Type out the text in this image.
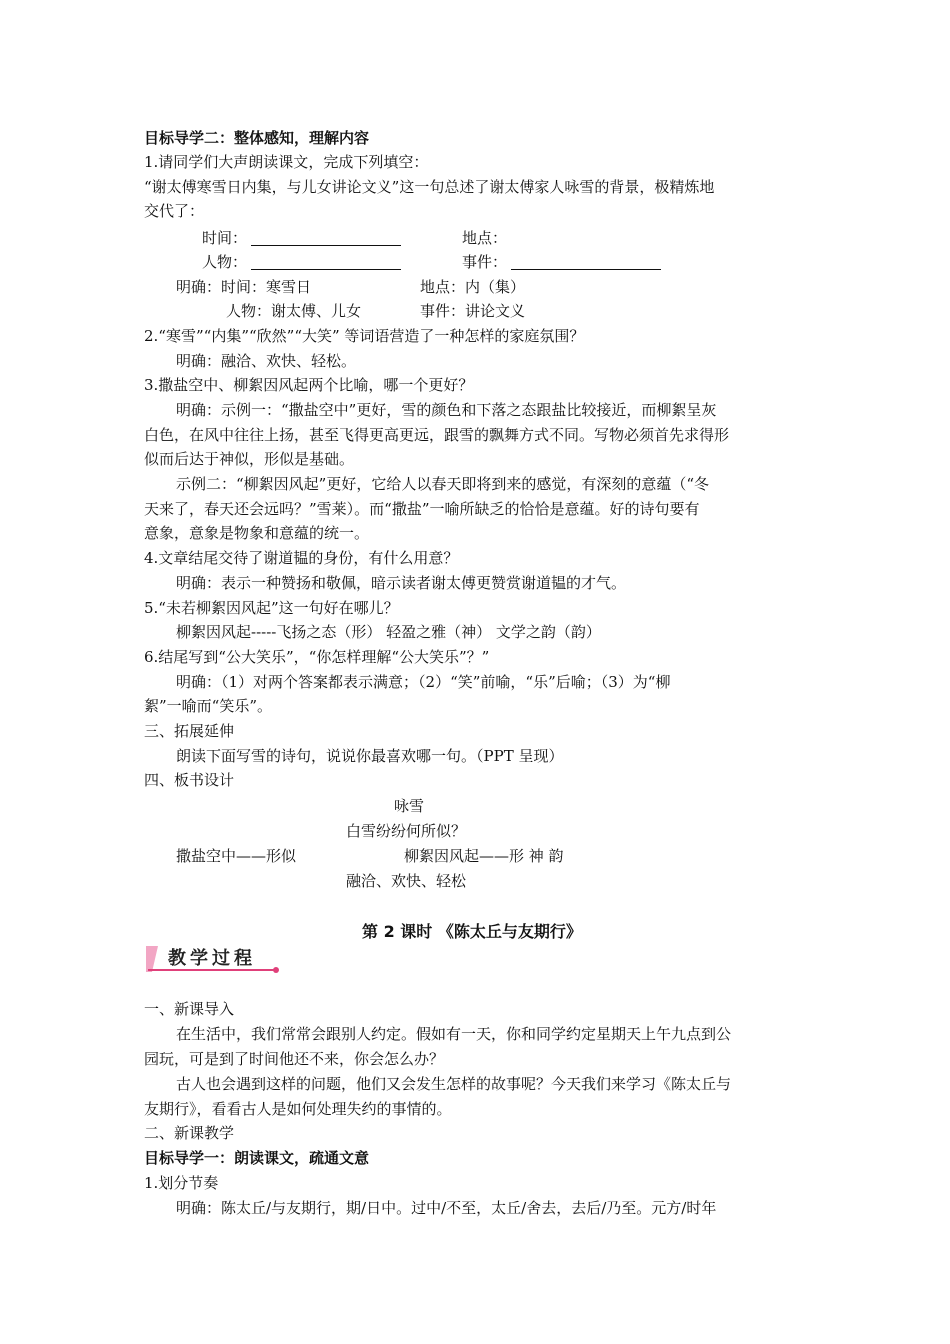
目标导学二：整体感知，理解内容
1.请同学们大声朗读课文，完成下列填空：
“谢太傅寒雪日内集，与儿女讲论文义”这一句总述了谢太傅家人咏雪的背景，极精炼地
交代了：
时间：	地点：
人物：	事件：
明确：时间：寒雪日	地点：内（集）
人物：谢太傅、儿女	事件：讲论文义
2.“寒雪”“内集”“欣然”“大笑” 等词语营造了一种怎样的家庭氛围？
明确：融洽、欢快、轻松。
3.撒盐空中、柳絮因风起两个比喻，哪一个更好？
明确：示例一：“撒盐空中”更好，雪的颜色和下落之态跟盐比较接近，而柳絮呈灰
白色，在风中往往上扬，甚至飞得更高更远，跟雪的飘舞方式不同。写物必须首先求得形
似而后达于神似，形似是基础。
示例二：“柳絮因风起”更好，它给人以春天即将到来的感觉，有深刻的意蕴（“冬
天来了，春天还会远吗？”雪莱）。而“撒盐”一喻所缺乏的恰恰是意蕴。好的诗句要有
意象，意象是物象和意蕴的统一。
4.文章结尾交待了谢道韫的身份，有什么用意？
明确：表示一种赞扬和敬佩，暗示读者谢太傅更赞赏谢道韫的才气。
5.“未若柳絮因风起”这一句好在哪儿？
柳絮因风起-----飞扬之态（形） 轻盈之雅（神） 文学之韵（韵）
6.结尾写到“公大笑乐”，“你怎样理解“公大笑乐”？”
明确：（1）对两个答案都表示满意；（2）“笑”前喻，“乐”后喻；（3）为“柳
絮”一喻而“笑乐”。
三、拓展延伸
朗读下面写雪的诗句，说说你最喜欢哪一句。（PPT 呈现）
四、板书设计
咏雪
白雪纷纷何所似？
撒盐空中——形似	柳絮因风起——形 神 韵
融洽、欢快、轻松
第 2 课时 《陈太丘与友期行》
教学过程
一、新课导入
在生活中，我们常常会跟别人约定。假如有一天，你和同学约定星期天上午九点到公
园玩，可是到了时间他还不来，你会怎么办？
古人也会遇到这样的问题，他们又会发生怎样的故事呢？今天我们来学习《陈太丘与
友期行》，看看古人是如何处理失约的事情的。
二、新课教学
目标导学一：朗读课文，疏通文意
1.划分节奏
明确：陈太丘/与友期行，期/日中。过中/不至，太丘/舍去，去后/乃至。元方/时年
